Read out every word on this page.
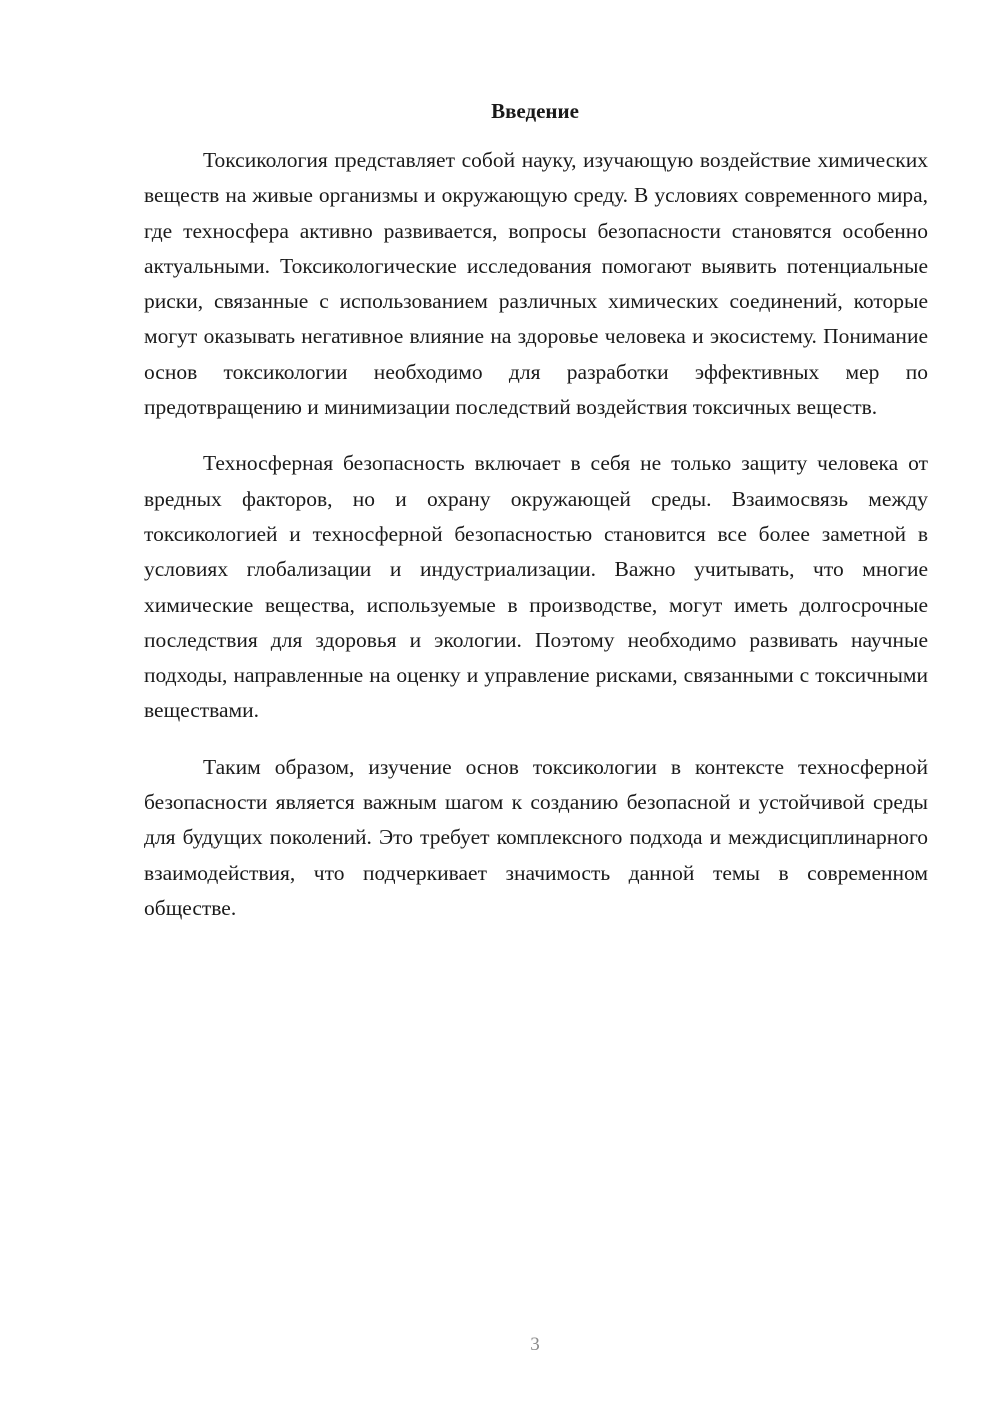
Введение

Токсикология представляет собой науку, изучающую воздействие химических веществ на живые организмы и окружающую среду. В условиях современного мира, где техносфера активно развивается, вопросы безопасности становятся особенно актуальными. Токсикологические исследования помогают выявить потенциальные риски, связанные с использованием различных химических соединений, которые могут оказывать негативное влияние на здоровье человека и экосистему. Понимание основ токсикологии необходимо для разработки эффективных мер по предотвращению и минимизации последствий воздействия токсичных веществ.

Техносферная безопасность включает в себя не только защиту человека от вредных факторов, но и охрану окружающей среды. Взаимосвязь между токсикологией и техносферной безопасностью становится все более заметной в условиях глобализации и индустриализации. Важно учитывать, что многие химические вещества, используемые в производстве, могут иметь долгосрочные последствия для здоровья и экологии. Поэтому необходимо развивать научные подходы, направленные на оценку и управление рисками, связанными с токсичными веществами.

Таким образом, изучение основ токсикологии в контексте техносферной безопасности является важным шагом к созданию безопасной и устойчивой среды для будущих поколений. Это требует комплексного подхода и междисциплинарного взаимодействия, что подчеркивает значимость данной темы в современном обществе.

3
